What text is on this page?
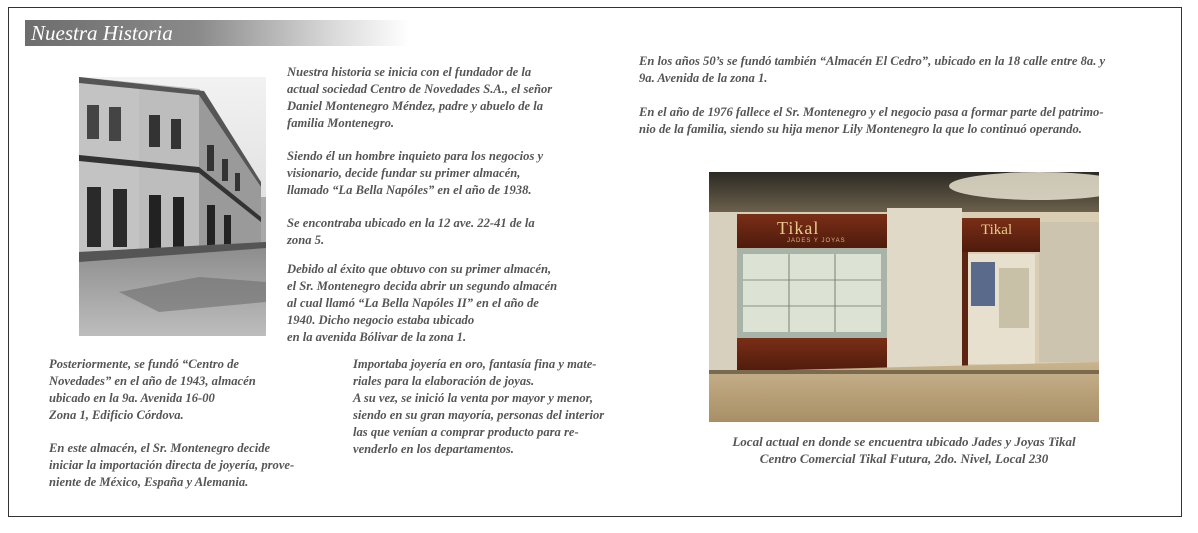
Nuestra Historia
Nuestra historia se inicia con el fundador de la
actual sociedad Centro de Novedades S.A., el señor
Daniel Montenegro Méndez, padre y abuelo de la
familia Montenegro.
Siendo él un hombre inquieto para los negocios y
visionario, decide fundar su primer almacén,
llamado “La Bella Napóles” en el año de 1938.
Se encontraba ubicado en la 12 ave. 22-41 de la
zona 5.
Debido al éxito que obtuvo con su primer almacén,
el Sr. Montenegro decida abrir un segundo almacén
al cual llamó “La Bella Napóles II” en el año de
1940. Dicho negocio estaba ubicado
en la avenida Bólivar de la zona 1.
Posteriormente, se fundó “Centro de
Novedades” en el año de 1943, almacén
ubicado en la 9a. Avenida 16-00
Zona 1, Edificio Córdova.
En este almacén, el Sr. Montenegro decide
iniciar la importación directa de joyería, prove-
niente de México, España y Alemania.
Importaba joyería en oro, fantasía fina y mate-
riales para la elaboración de joyas.
A su vez, se inició la venta por mayor y menor,
siendo en su gran mayoría, personas del interior
las que venían a comprar producto para re-
venderlo en los departamentos.
En los años 50’s se fundó también “Almacén El Cedro”, ubicado en la 18 calle entre 8a. y
9a. Avenida de la zona 1.
En el año de 1976 fallece el Sr. Montenegro y el negocio pasa a formar parte del patrimo-
nio de la familia, siendo su hija menor Lily Montenegro la que lo continuó operando.
Tikal
JADES Y JOYAS
Tikal
Local actual en donde se encuentra ubicado Jades y Joyas Tikal
Centro Comercial Tikal Futura, 2do. Nivel, Local 230
